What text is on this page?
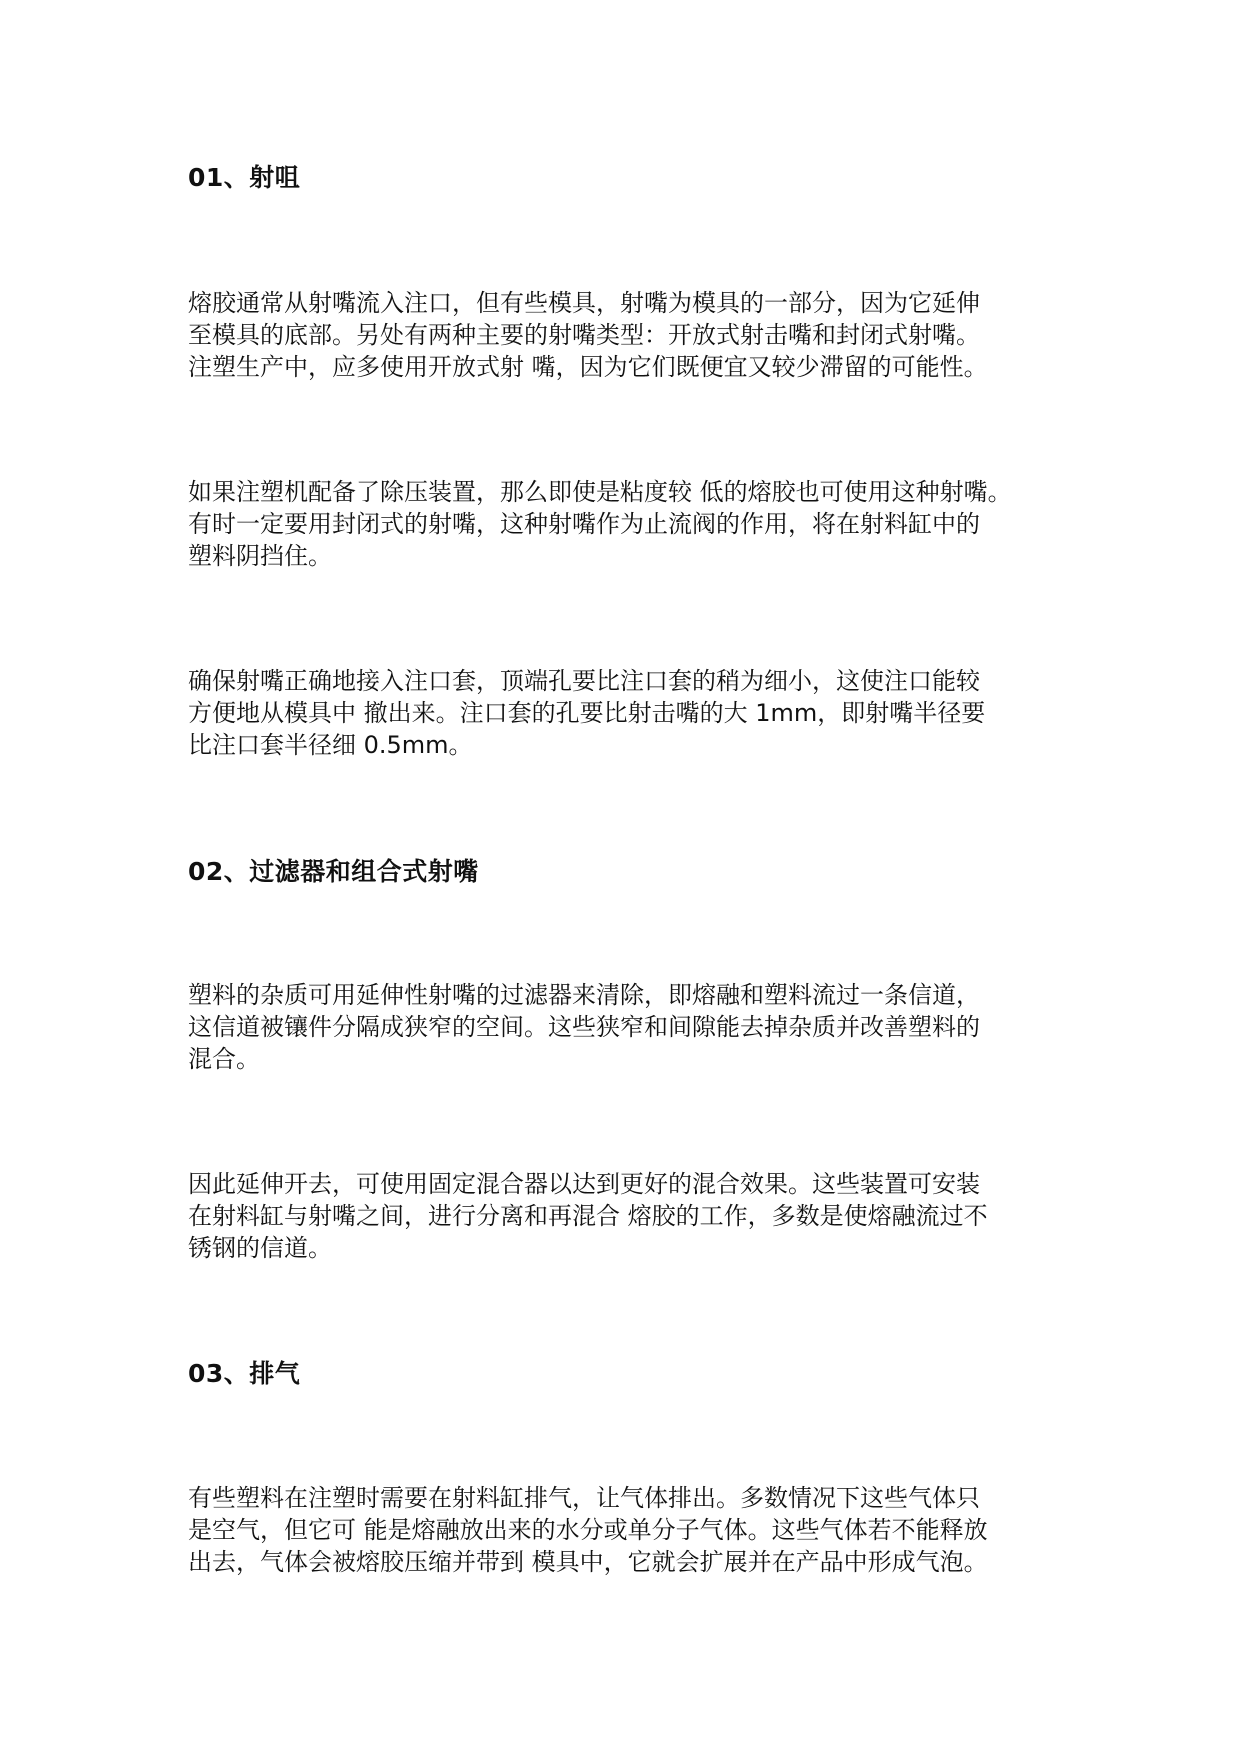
01、射咀

熔胶通常从射嘴流入注口，但有些模具，射嘴为模具的一部分，因为它延伸
至模具的底部。另处有两种主要的射嘴类型：开放式射击嘴和封闭式射嘴。
注塑生产中，应多使用开放式射 嘴，因为它们既便宜又较少滞留的可能性。

如果注塑机配备了除压装置，那么即使是粘度较 低的熔胶也可使用这种射嘴。
有时一定要用封闭式的射嘴，这种射嘴作为止流阀的作用，将在射料缸中的
塑料阴挡住。

确保射嘴正确地接入注口套，顶端孔要比注口套的稍为细小，这使注口能较
方便地从模具中 撤出来。注口套的孔要比射击嘴的大 1mm，即射嘴半径要
比注口套半径细 0.5mm。

02、过滤器和组合式射嘴

塑料的杂质可用延伸性射嘴的过滤器来清除，即熔融和塑料流过一条信道，
这信道被镶件分隔成狭窄的空间。这些狭窄和间隙能去掉杂质并改善塑料的
混合。

因此延伸开去，可使用固定混合器以达到更好的混合效果。这些装置可安装
在射料缸与射嘴之间，进行分离和再混合 熔胶的工作，多数是使熔融流过不
锈钢的信道。

03、排气

有些塑料在注塑时需要在射料缸排气，让气体排出。多数情况下这些气体只
是空气，但它可 能是熔融放出来的水分或单分子气体。这些气体若不能释放
出去，气体会被熔胶压缩并带到 模具中，它就会扩展并在产品中形成气泡。
